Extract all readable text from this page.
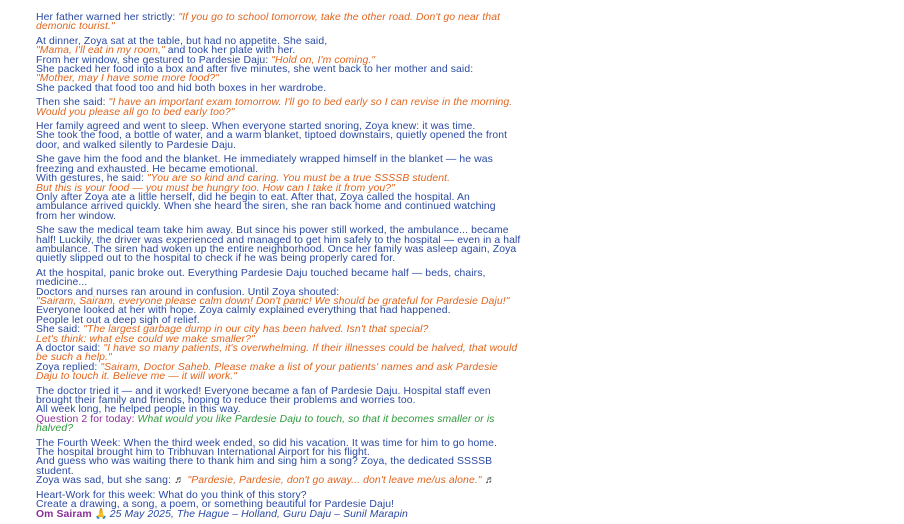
Her father warned her strictly: "If you go to school tomorrow, take the other road. Don't go near that
demonic tourist."
At dinner, Zoya sat at the table, but had no appetite. She said,
"Mama, I'll eat in my room," and took her plate with her.
From her window, she gestured to Pardesie Daju: "Hold on, I'm coming."
She packed her food into a box and after five minutes, she went back to her mother and said:
"Mother, may I have some more food?"
She packed that food too and hid both boxes in her wardrobe.
Then she said: "I have an important exam tomorrow. I'll go to bed early so I can revise in the morning.
Would you please all go to bed early too?"
Her family agreed and went to sleep. When everyone started snoring, Zoya knew: it was time.
She took the food, a bottle of water, and a warm blanket, tiptoed downstairs, quietly opened the front
door, and walked silently to Pardesie Daju.
She gave him the food and the blanket. He immediately wrapped himself in the blanket — he was
freezing and exhausted. He became emotional.
With gestures, he said: "You are so kind and caring. You must be a true SSSSB student.
But this is your food — you must be hungry too. How can I take it from you?"
Only after Zoya ate a little herself, did he begin to eat. After that, Zoya called the hospital. An
ambulance arrived quickly. When she heard the siren, she ran back home and continued watching
from her window.
She saw the medical team take him away. But since his power still worked, the ambulance... became
half! Luckily, the driver was experienced and managed to get him safely to the hospital — even in a half
ambulance. The siren had woken up the entire neighborhood. Once her family was asleep again, Zoya
quietly slipped out to the hospital to check if he was being properly cared for.
At the hospital, panic broke out. Everything Pardesie Daju touched became half — beds, chairs,
medicine...
Doctors and nurses ran around in confusion. Until Zoya shouted:
"Sairam, Sairam, everyone please calm down! Don't panic! We should be grateful for Pardesie Daju!"
Everyone looked at her with hope. Zoya calmly explained everything that had happened.
People let out a deep sigh of relief.
She said: "The largest garbage dump in our city has been halved. Isn't that special?
Let's think: what else could we make smaller?"
A doctor said: "I have so many patients, it's overwhelming. If their illnesses could be halved, that would
be such a help."
Zoya replied: "Sairam, Doctor Saheb. Please make a list of your patients' names and ask Pardesie
Daju to touch it. Believe me — it will work."
The doctor tried it — and it worked! Everyone became a fan of Pardesie Daju. Hospital staff even
brought their family and friends, hoping to reduce their problems and worries too.
All week long, he helped people in this way.
Question 2 for today: What would you like Pardesie Daju to touch, so that it becomes smaller or is
halved?
The Fourth Week: When the third week ended, so did his vacation. It was time for him to go home.
The hospital brought him to Tribhuvan International Airport for his flight.
And guess who was waiting there to thank him and sing him a song? Zoya, the dedicated SSSSB
student.
Zoya was sad, but she sang: ♬ "Pardesie, Pardesie, don't go away... don't leave me/us alone." ♬
Heart-Work for this week: What do you think of this story?
Create a drawing, a song, a poem, or something beautiful for Pardesie Daju!
Om Sairam 🙏 25 May 2025, The Hague – Holland, Guru Daju – Sunil Marapin
